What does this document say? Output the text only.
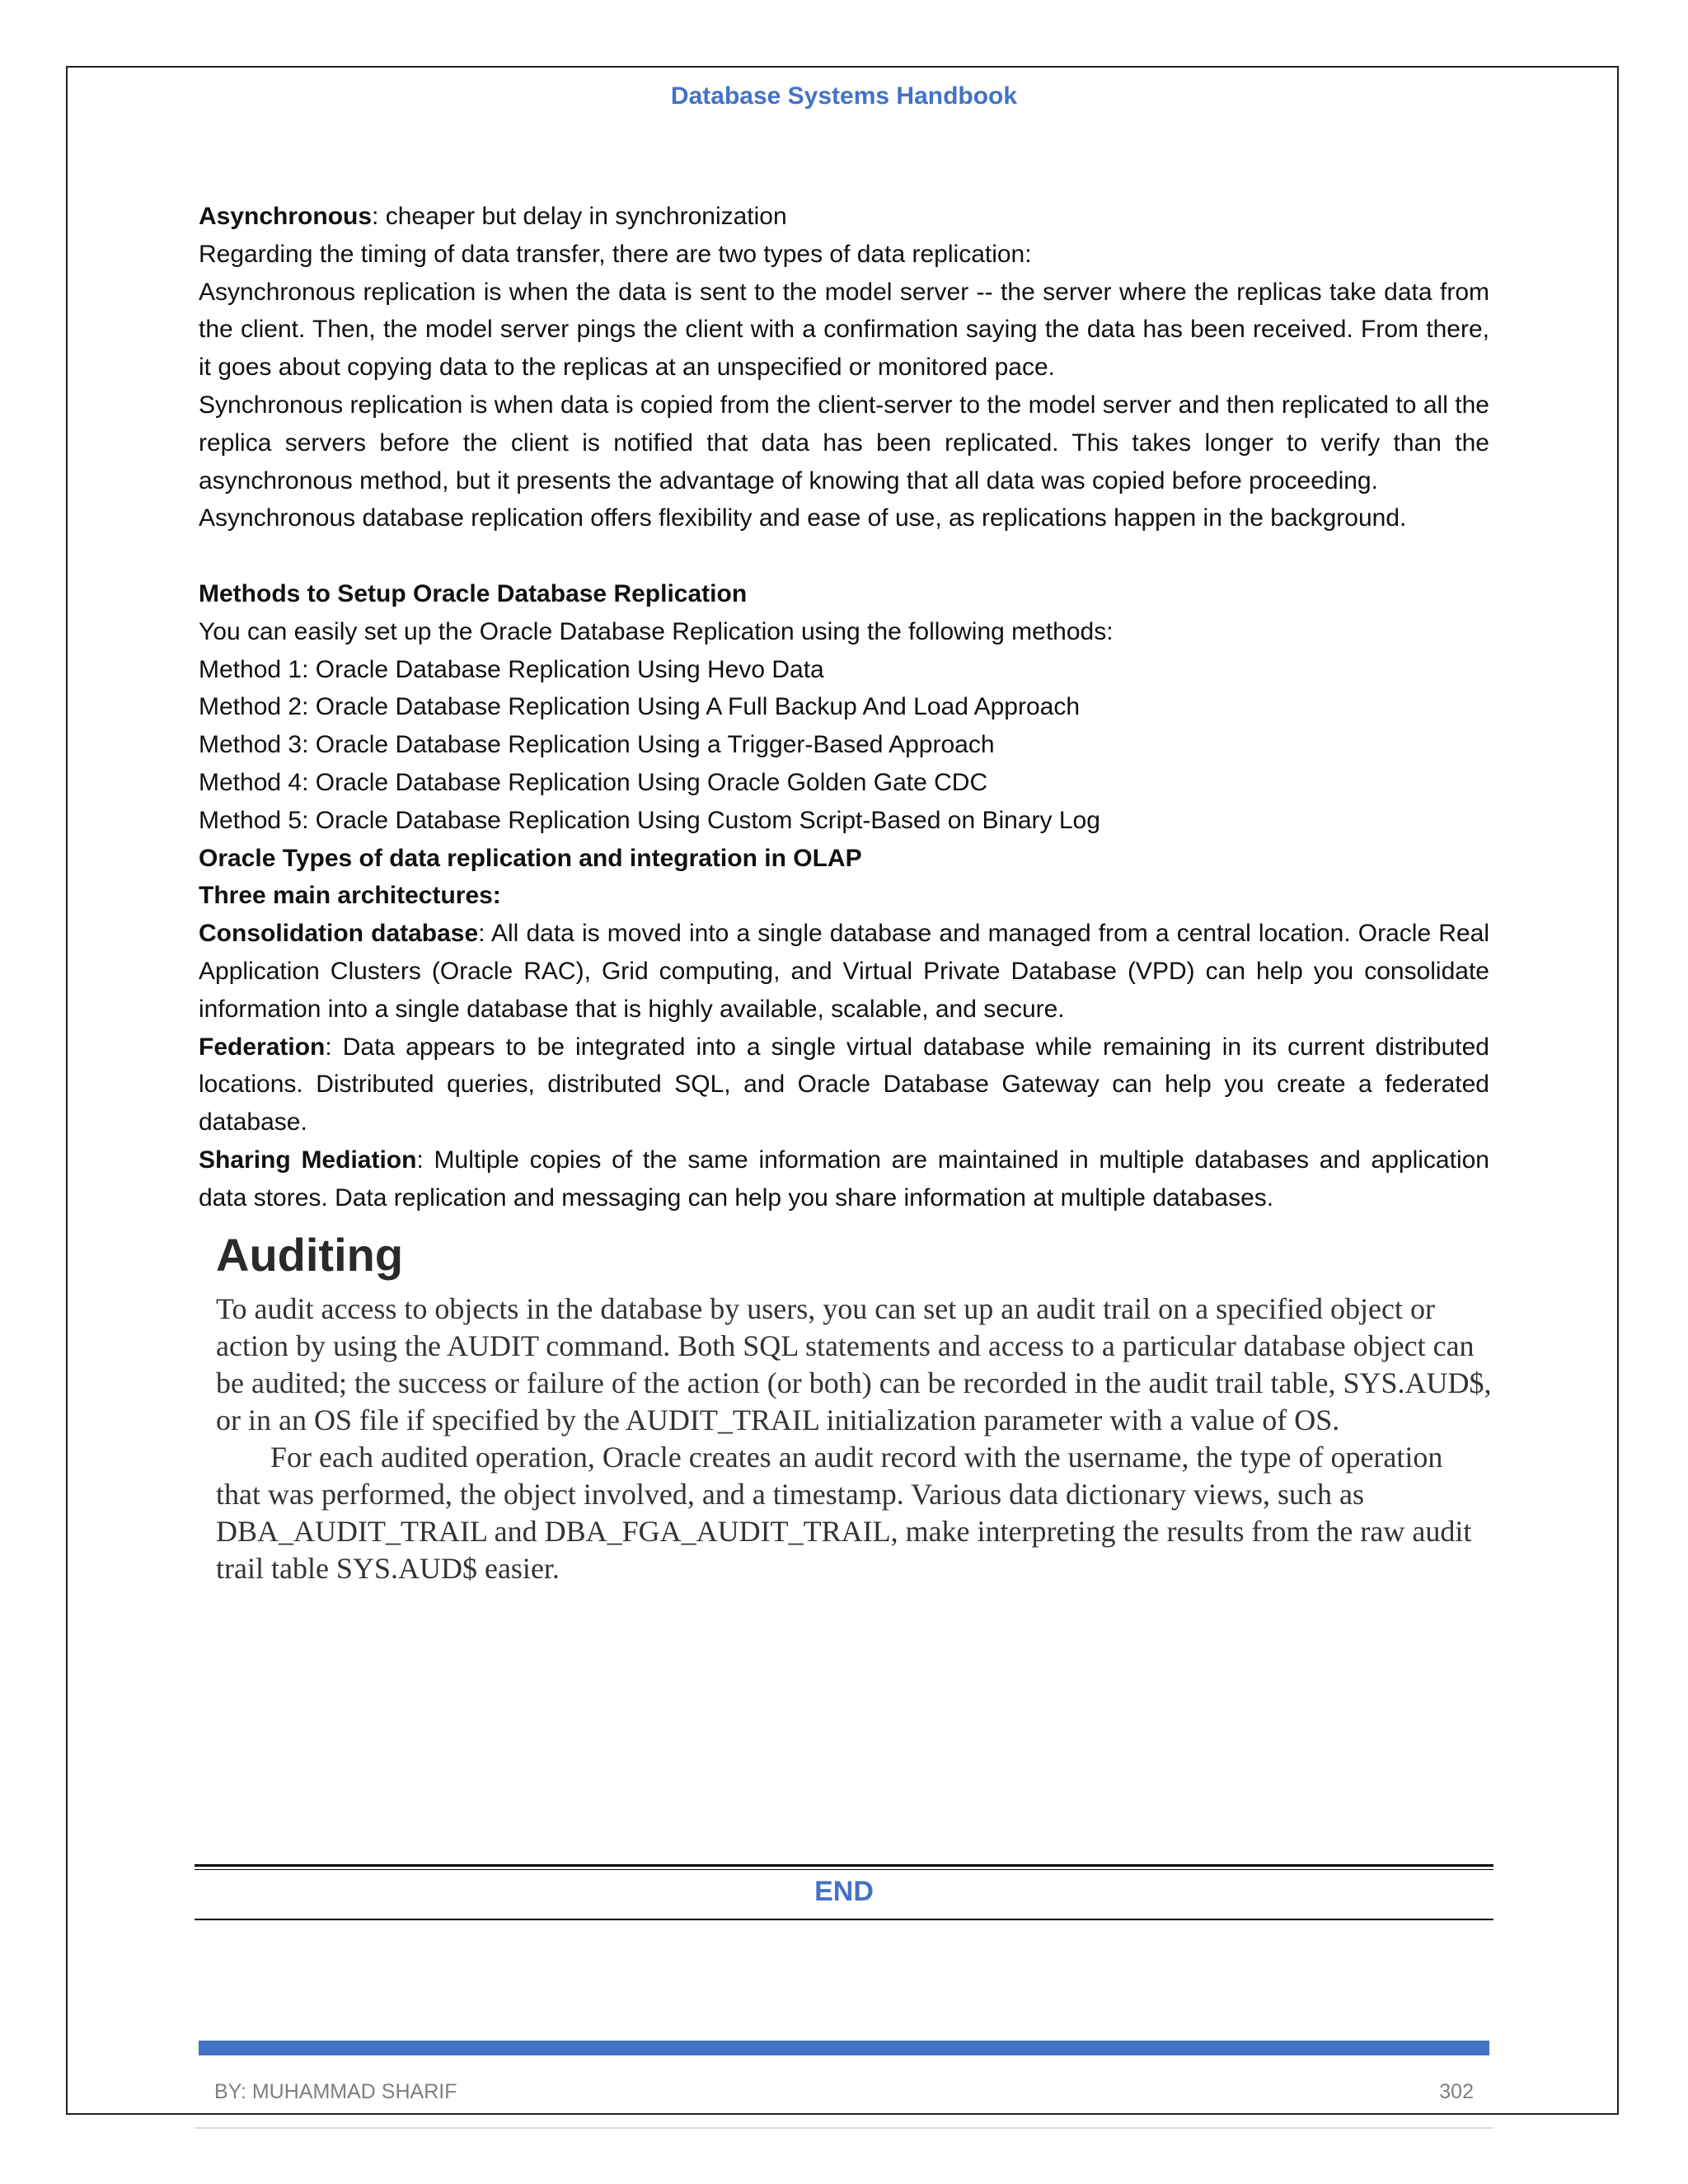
Database Systems Handbook

Asynchronous: cheaper but delay in synchronization

Regarding the timing of data transfer, there are two types of data replication:

Asynchronous replication is when the data is sent to the model server -- the server where the replicas take data from the client. Then, the model server pings the client with a confirmation saying the data has been received. From there, it goes about copying data to the replicas at an unspecified or monitored pace.

Synchronous replication is when data is copied from the client-server to the model server and then replicated to all the replica servers before the client is notified that data has been replicated. This takes longer to verify than the asynchronous method, but it presents the advantage of knowing that all data was copied before proceeding.

Asynchronous database replication offers flexibility and ease of use, as replications happen in the background.

Methods to Setup Oracle Database Replication

You can easily set up the Oracle Database Replication using the following methods:

Method 1: Oracle Database Replication Using Hevo Data

Method 2: Oracle Database Replication Using A Full Backup And Load Approach

Method 3: Oracle Database Replication Using a Trigger-Based Approach

Method 4: Oracle Database Replication Using Oracle Golden Gate CDC

Method 5: Oracle Database Replication Using Custom Script-Based on Binary Log

Oracle Types of data replication and integration in OLAP

Three main architectures:

Consolidation database: All data is moved into a single database and managed from a central location. Oracle Real Application Clusters (Oracle RAC), Grid computing, and Virtual Private Database (VPD) can help you consolidate information into a single database that is highly available, scalable, and secure.

Federation: Data appears to be integrated into a single virtual database while remaining in its current distributed locations. Distributed queries, distributed SQL, and Oracle Database Gateway can help you create a federated database.

Sharing Mediation: Multiple copies of the same information are maintained in multiple databases and application data stores. Data replication and messaging can help you share information at multiple databases.

Auditing

To audit access to objects in the database by users, you can set up an audit trail on a specified object or action by using the AUDIT command. Both SQL statements and access to a particular database object can be audited; the success or failure of the action (or both) can be recorded in the audit trail table, SYS.AUD$, or in an OS file if specified by the AUDIT_TRAIL initialization parameter with a value of OS.

For each audited operation, Oracle creates an audit record with the username, the type of operation that was performed, the object involved, and a timestamp. Various data dictionary views, such as DBA_AUDIT_TRAIL and DBA_FGA_AUDIT_TRAIL, make interpreting the results from the raw audit trail table SYS.AUD$ easier.

END
BY: MUHAMMAD SHARIF	302
